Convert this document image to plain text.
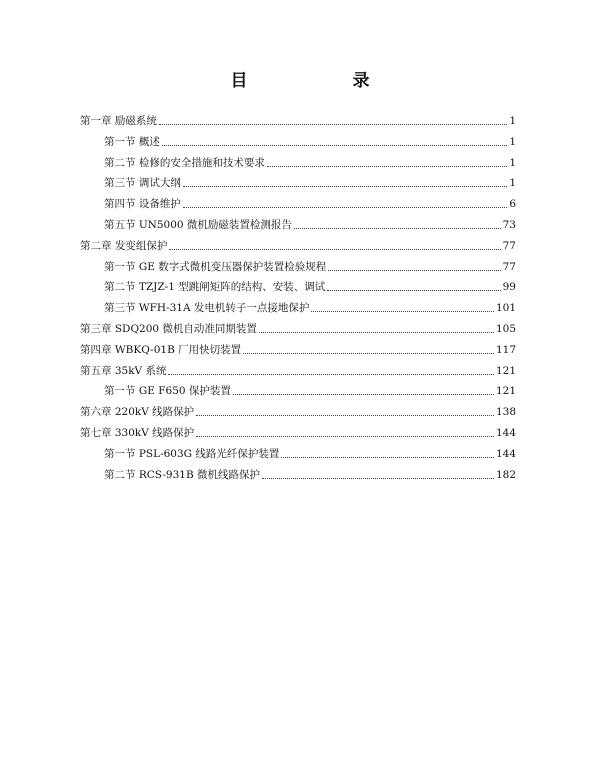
目　录
第一章 励磁系统	1
第一节 概述	1
第二节 检修的安全措施和技术要求	1
第三节 调试大纲	1
第四节 设备维护	6
第五节 UN5000 微机励磁装置检测报告	73
第二章 发变组保护	77
第一节 GE 数字式微机变压器保护装置检验规程	77
第二节 TZJZ-1 型跳闸矩阵的结构、安装、调试	99
第三节 WFH-31A 发电机转子一点接地保护	101
第三章 SDQ200 微机自动准同期装置	105
第四章 WBKQ-01B 厂用快切装置	117
第五章 35kV 系统	121
第一节 GE F650 保护装置	121
第六章 220kV 线路保护	138
第七章 330kV 线路保护	144
第一节 PSL-603G 线路光纤保护装置	144
第二节 RCS-931B 微机线路保护	182
